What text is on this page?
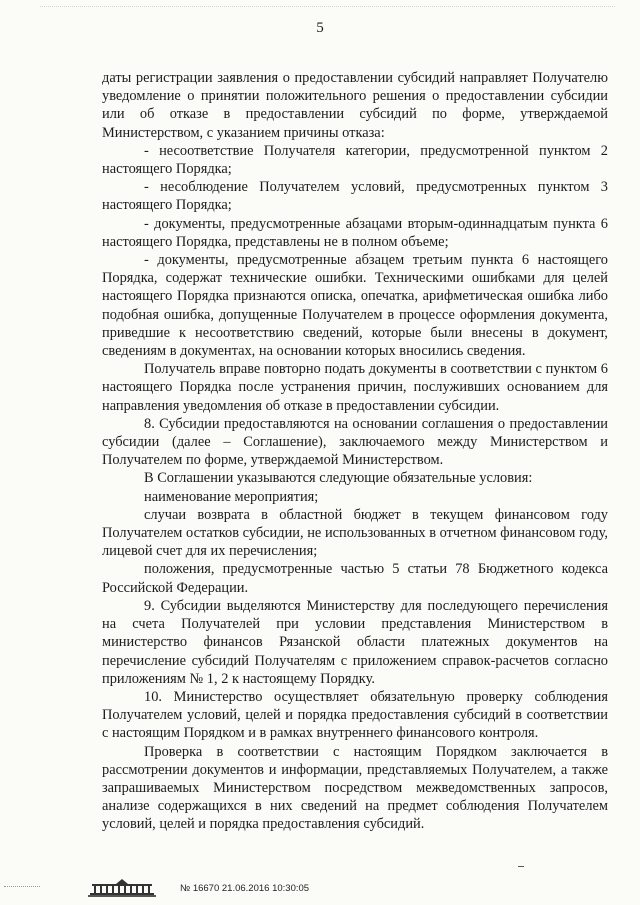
5

даты регистрации заявления о предоставлении субсидий направляет Получателю уведомление о принятии положительного решения о предоставлении субсидии или об отказе в предоставлении субсидий по форме, утверждаемой Министерством, с указанием причины отказа:

- несоответствие Получателя категории, предусмотренной пунктом 2 настоящего Порядка;

- несоблюдение Получателем условий, предусмотренных пунктом 3 настоящего Порядка;

- документы, предусмотренные абзацами вторым-одиннадцатым пункта 6 настоящего Порядка, представлены не в полном объеме;

- документы, предусмотренные абзацем третьим пункта 6 настоящего Порядка, содержат технические ошибки. Техническими ошибками для целей настоящего Порядка признаются описка, опечатка, арифметическая ошибка либо подобная ошибка, допущенные Получателем в процессе оформления документа, приведшие к несоответствию сведений, которые были внесены в документ, сведениям в документах, на основании которых вносились сведения.

Получатель вправе повторно подать документы в соответствии с пунктом 6 настоящего Порядка после устранения причин, послуживших основанием для направления уведомления об отказе в предоставлении субсидии.

8. Субсидии предоставляются на основании соглашения о предоставлении субсидии (далее – Соглашение), заключаемого между Министерством и Получателем по форме, утверждаемой Министерством.

В Соглашении указываются следующие обязательные условия:

наименование мероприятия;

случаи возврата в областной бюджет в текущем финансовом году Получателем остатков субсидии, не использованных в отчетном финансовом году, лицевой счет для их перечисления;

положения, предусмотренные частью 5 статьи 78 Бюджетного кодекса Российской Федерации.

9. Субсидии выделяются Министерству для последующего перечисления на счета Получателей при условии представления Министерством в министерство финансов Рязанской области платежных документов на перечисление субсидий Получателям с приложением справок-расчетов согласно приложениям № 1, 2 к настоящему Порядку.

10. Министерство осуществляет обязательную проверку соблюдения Получателем условий, целей и порядка предоставления субсидий в соответствии с настоящим Порядком и в рамках внутреннего финансового контроля.

Проверка в соответствии с настоящим Порядком заключается в рассмотрении документов и информации, представляемых Получателем, а также запрашиваемых Министерством посредством межведомственных запросов, анализе содержащихся в них сведений на предмет соблюдения Получателем условий, целей и порядка предоставления субсидий.

№ 16670 21.06.2016 10:30:05
